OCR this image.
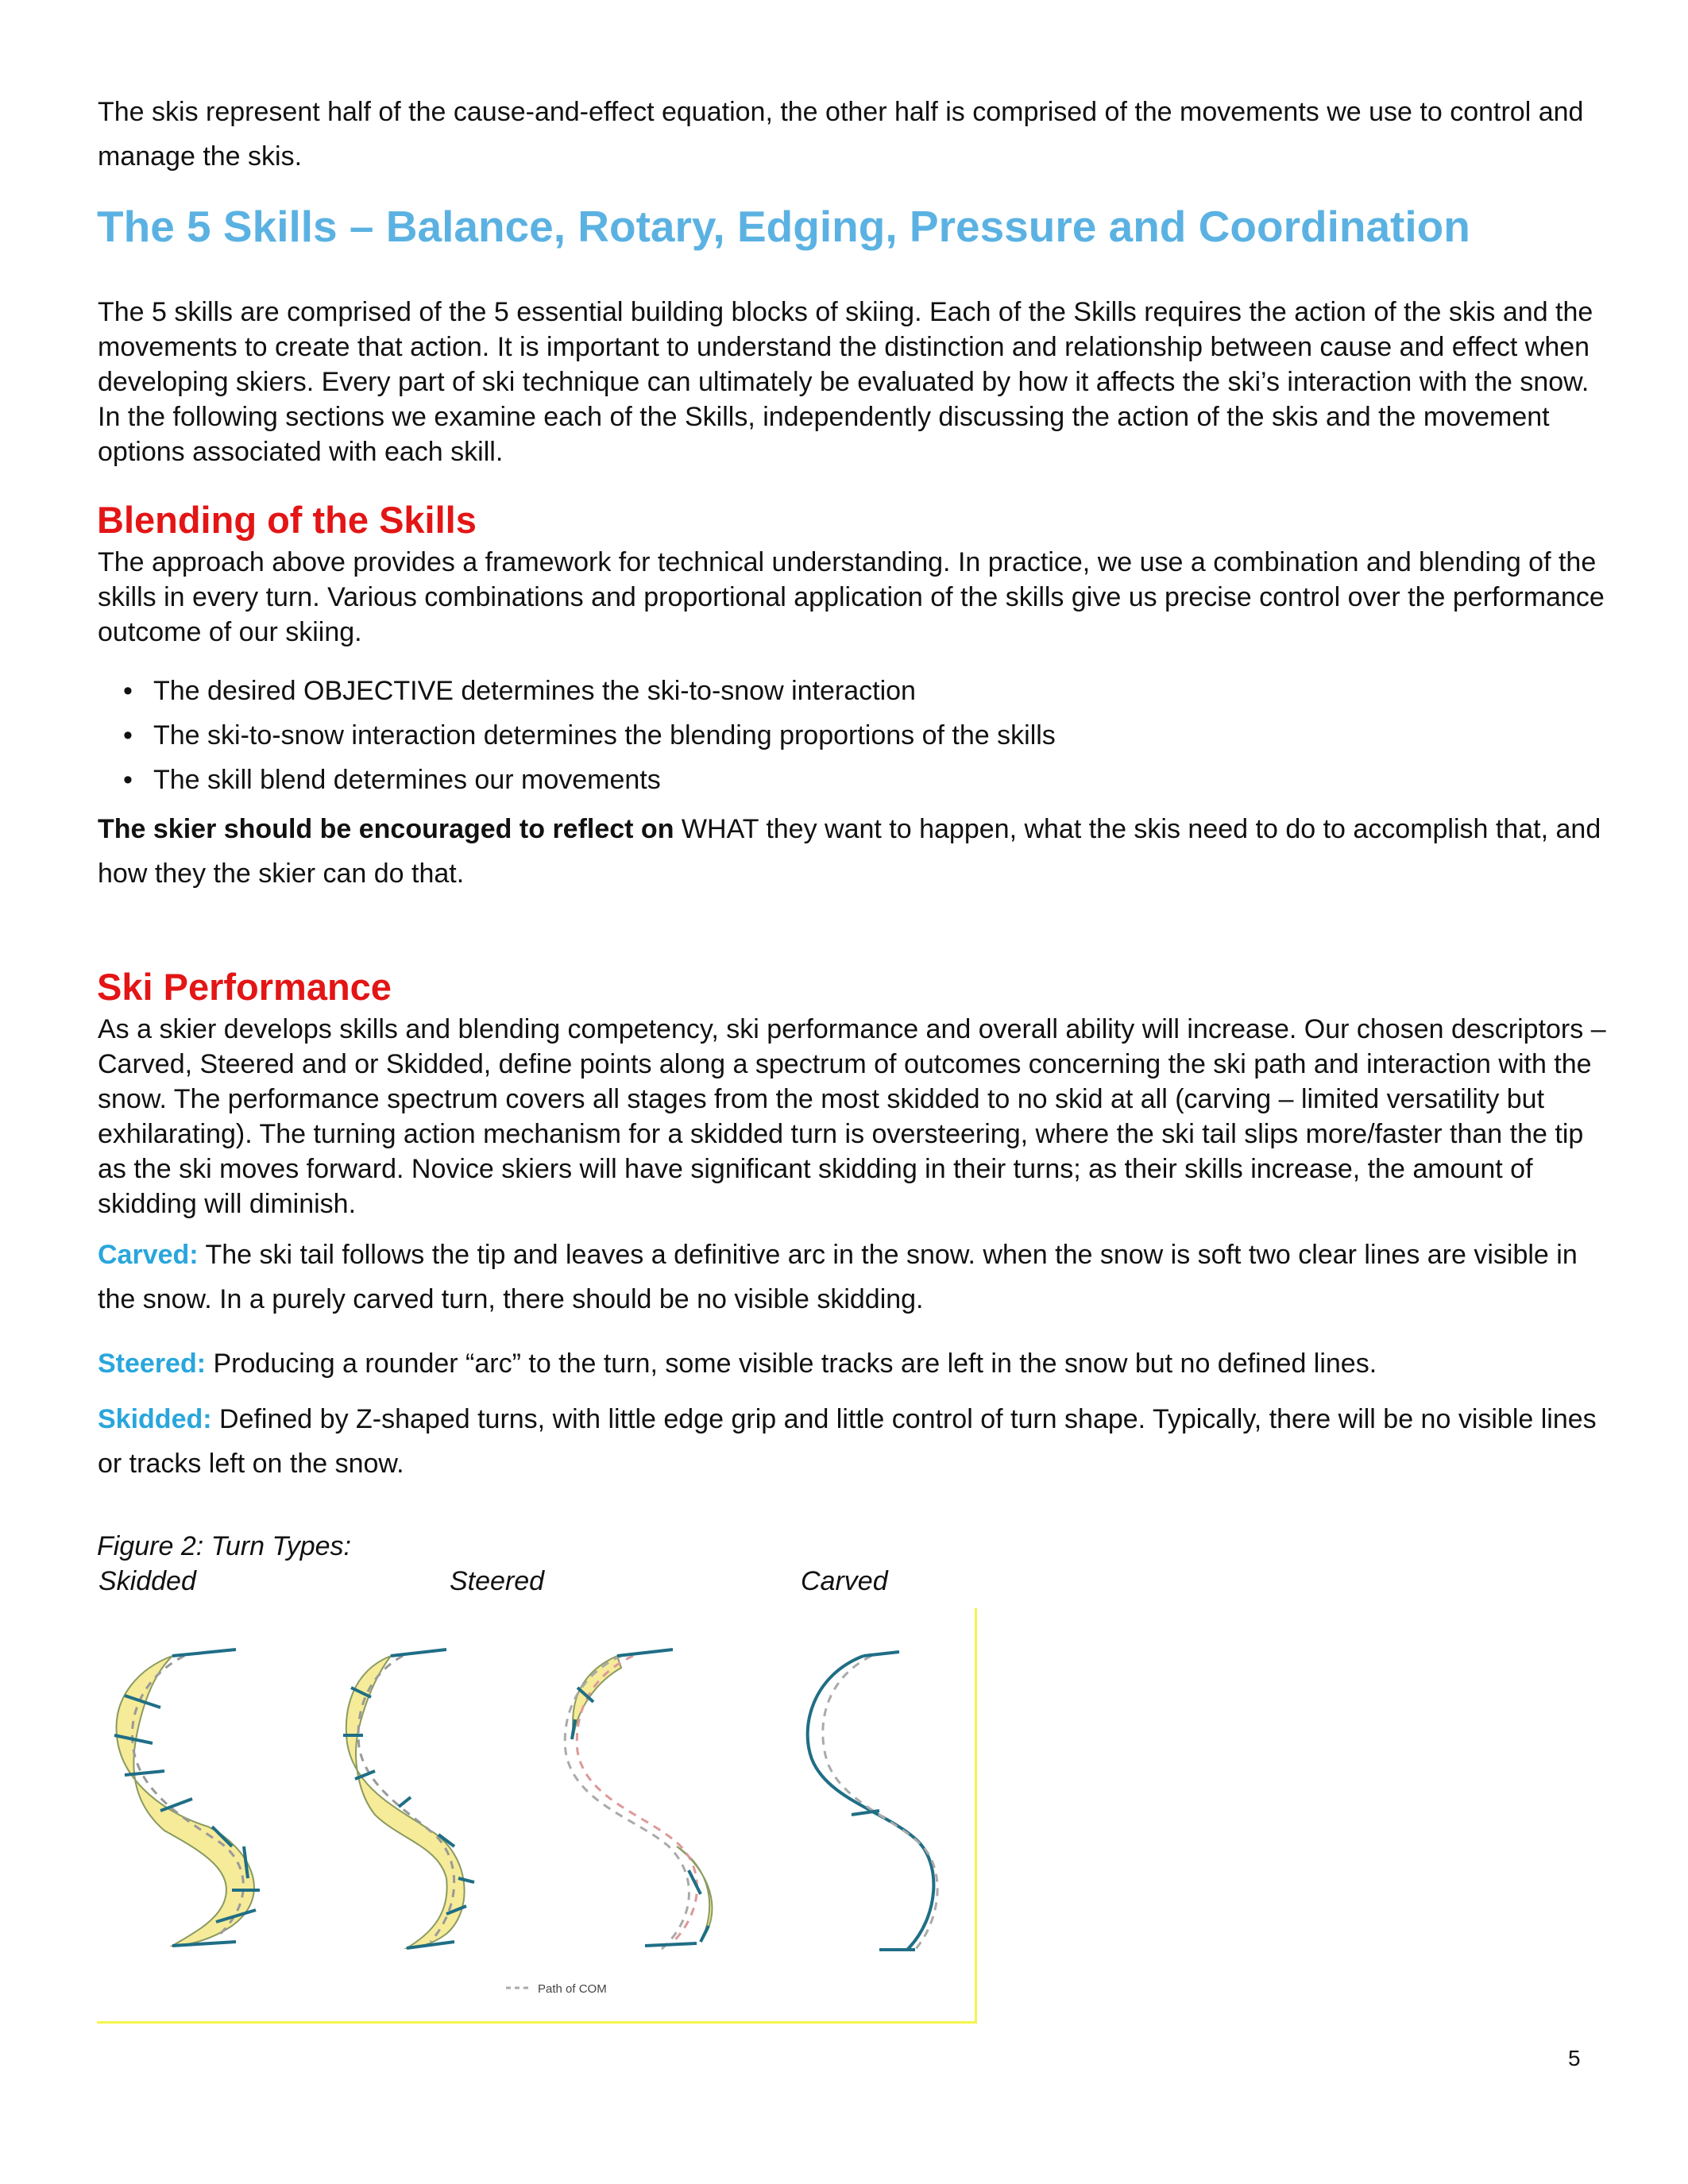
The skis represent half of the cause-and-effect equation, the other half is comprised of the movements we use to control and manage the skis.

The 5 Skills – Balance, Rotary, Edging, Pressure and Coordination

The 5 skills are comprised of the 5 essential building blocks of skiing. Each of the Skills requires the action of the skis and the movements to create that action. It is important to understand the distinction and relationship between cause and effect when developing skiers. Every part of ski technique can ultimately be evaluated by how it affects the ski’s interaction with the snow. In the following sections we examine each of the Skills, independently discussing the action of the skis and the movement options associated with each skill.

Blending of the Skills

The approach above provides a framework for technical understanding. In practice, we use a combination and blending of the skills in every turn. Various combinations and proportional application of the skills give us precise control over the performance outcome of our skiing.

• The desired OBJECTIVE determines the ski-to-snow interaction
• The ski-to-snow interaction determines the blending proportions of the skills
• The skill blend determines our movements

The skier should be encouraged to reflect on WHAT they want to happen, what the skis need to do to accomplish that, and how they the skier can do that.

Ski Performance

As a skier develops skills and blending competency, ski performance and overall ability will increase. Our chosen descriptors – Carved, Steered and or Skidded, define points along a spectrum of outcomes concerning the ski path and interaction with the snow. The performance spectrum covers all stages from the most skidded to no skid at all (carving – limited versatility but exhilarating). The turning action mechanism for a skidded turn is oversteering, where the ski tail slips more/faster than the tip as the ski moves forward. Novice skiers will have significant skidding in their turns; as their skills increase, the amount of skidding will diminish.

Carved: The ski tail follows the tip and leaves a definitive arc in the snow. when the snow is soft two clear lines are visible in the snow. In a purely carved turn, there should be no visible skidding.

Steered: Producing a rounder “arc” to the turn, some visible tracks are left in the snow but no defined lines.

Skidded: Defined by Z-shaped turns, with little edge grip and little control of turn shape. Typically, there will be no visible lines or tracks left on the snow.

Figure 2: Turn Types:

Skidded	Steered	Carved

Path of COM
5
